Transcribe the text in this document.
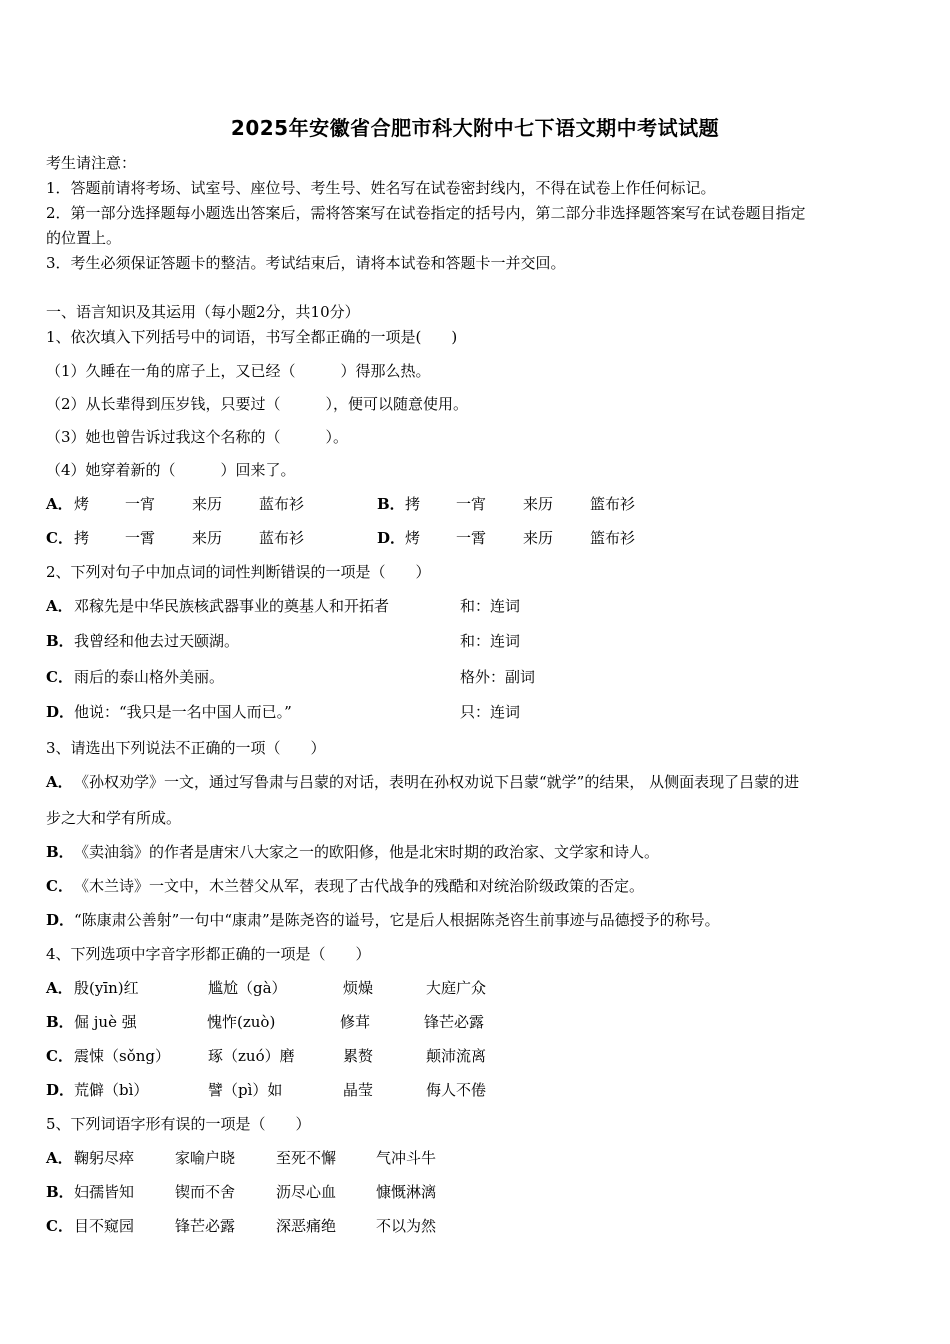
2025年安徽省合肥市科大附中七下语文期中考试试题
考生请注意：
1．答题前请将考场、试室号、座位号、考生号、姓名写在试卷密封线内，不得在试卷上作任何标记。
2．第一部分选择题每小题选出答案后，需将答案写在试卷指定的括号内，第二部分非选择题答案写在试卷题目指定
的位置上。
3．考生必须保证答题卡的整洁。考试结束后，请将本试卷和答题卡一并交回。
一、语言知识及其运用（每小题2分，共10分）
1、依次填入下列括号中的词语，书写全都正确的一项是(　　)
（1）久睡在一角的席子上，又已经（　　　）得那么热。
（2）从长辈得到压岁钱，只要过（　　　），便可以随意使用。
（3）她也曾告诉过我这个名称的（　　　）。
（4）她穿着新的（　　　）回来了。
A． 烤 一宵 来历 蓝布衫	B． 拷 一宵 来历 篮布衫
C． 拷 一霄 来历 蓝布衫	D． 烤 一霄 来历 篮布衫
2、下列对句子中加点词的词性判断错误的一项是（　　）
A． 邓稼先是中华民族核武器事业的奠基人和开拓者	和：连词
B． 我曾经和他去过天颐湖。	和：连词
C． 雨后的泰山格外美丽。	格外：副词
D． 他说：“我只是一名中国人而已。”	只：连词
3、请选出下列说法不正确的一项（　　）
A． 《孙权劝学》一文，通过写鲁肃与吕蒙的对话，表明在孙权劝说下吕蒙“就学”的结果， 从侧面表现了吕蒙的进
步之大和学有所成。
B． 《卖油翁》的作者是唐宋八大家之一的欧阳修，他是北宋时期的政治家、文学家和诗人。
C． 《木兰诗》一文中，木兰替父从军，表现了古代战争的残酷和对统治阶级政策的否定。
D． “陈康肃公善射”一句中“康肃”是陈尧咨的谥号，它是后人根据陈尧咨生前事迹与品德授予的称号。
4、下列选项中字音字形都正确的一项是（　　）
A． 殷(yīn)红	尴尬（gà）	烦燥	大庭广众
B． 倔 juè 强	愧怍(zuò)	修茸	锋芒必露
C． 震悚（sǒng）	琢（zuó）磨	累赘	颠沛流离
D． 荒僻（bì）	譬（pì）如	晶莹	侮人不倦
5、下列词语字形有误的一项是（　　）
A． 鞠躬尽瘁	家喻户晓	至死不懈	气冲斗牛
B． 妇孺皆知	锲而不舍	沥尽心血	慷慨淋漓
C． 目不窥园	锋芒必露	深恶痛绝	不以为然
